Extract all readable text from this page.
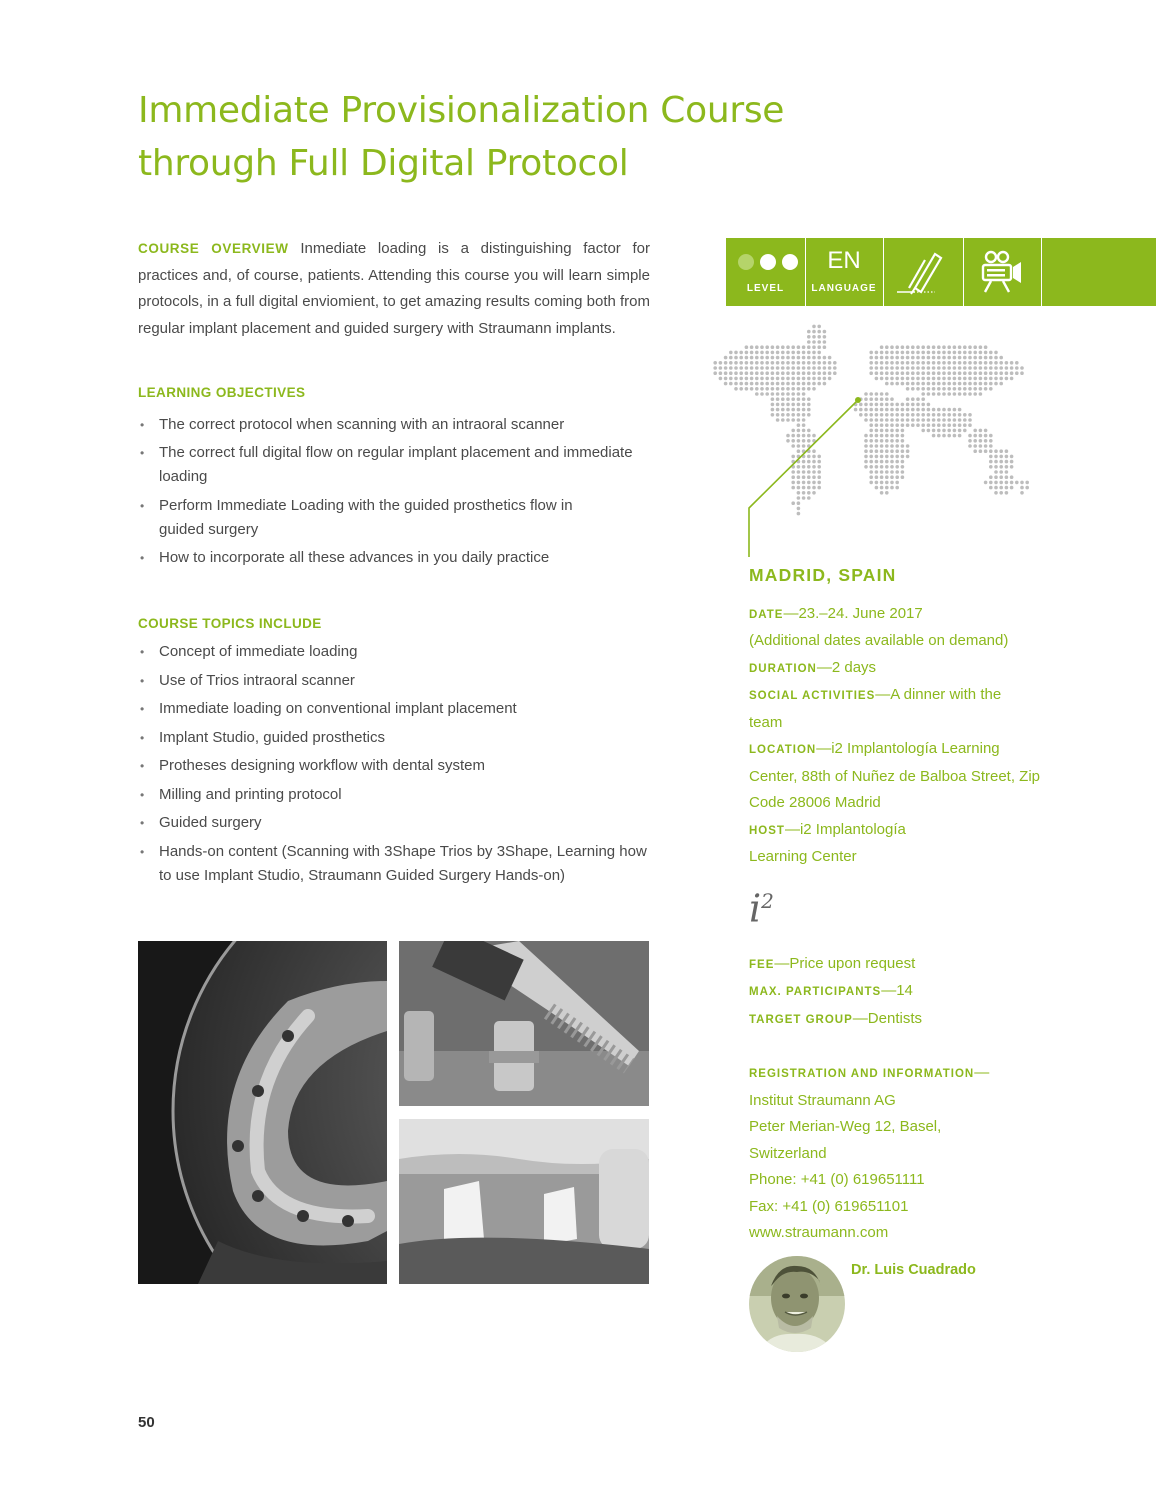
Immediate Provisionalization Course
through Full Digital Protocol

COURSE OVERVIEW Inmediate loading is a distinguishing factor for practices and, of course, patients. Attending this course you will learn simple protocols, in a full digital enviomient, to get amazing results coming both from regular implant placement and guided surgery with Straumann implants.

LEARNING OBJECTIVES

• The correct protocol when scanning with an intraoral scanner
• The correct full digital flow on regular implant placement and immediate loading
• Perform Immediate Loading with the guided prosthetics flow in guided surgery
• How to incorporate all these advances in you daily practice

COURSE TOPICS INCLUDE

• Concept of immediate loading
• Use of Trios intraoral scanner
• Immediate loading on conventional implant placement
• Implant Studio, guided prosthetics
• Protheses designing workflow with dental system
• Milling and printing protocol
• Guided surgery
• Hands-on content (Scanning with 3Shape Trios by 3Shape, Learning how to use Implant Studio, Straumann Guided Surgery Hands-on)
50
LEVEL
EN
LANGUAGE

MADRID, SPAIN

DATE—23.–24. June 2017
(Additional dates available on demand)
DURATION—2 days
SOCIAL ACTIVITIES—A dinner with the team
LOCATION—i2 Implantología Learning Center, 88th of Nuñez de Balboa Street, Zip Code 28006 Madrid
HOST—i2 Implantología Learning Center
$i^2$
FEE—Price upon request
MAX. PARTICIPANTS—14
TARGET GROUP—Dentists
REGISTRATION AND INFORMATION—
Institut Straumann AG
Peter Merian-Weg 12, Basel,
Switzerland
Phone: +41 (0) 619651111
Fax: +41 (0) 619651101
www.straumann.com
Dr. Luis Cuadrado
